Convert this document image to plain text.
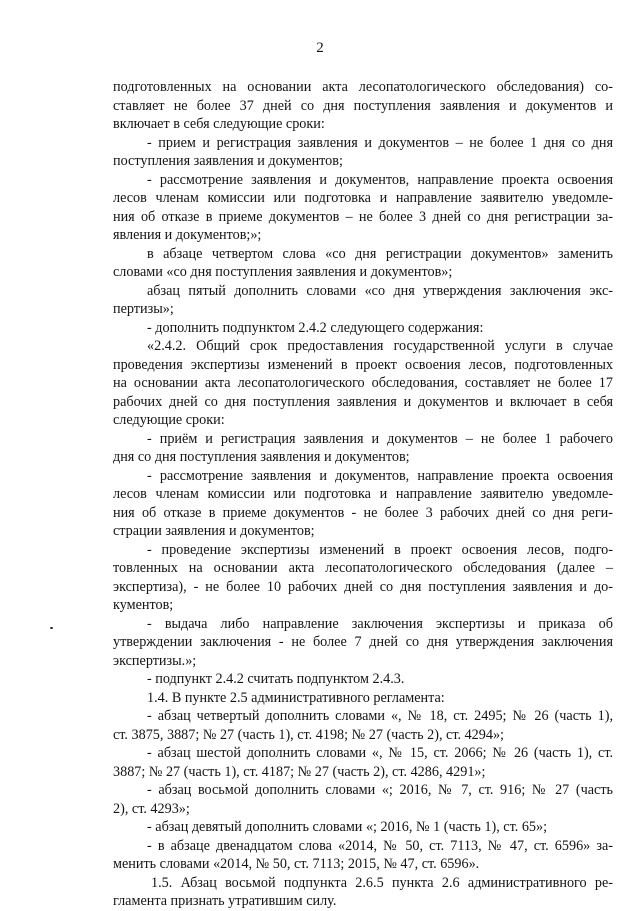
2
подготовленных на основании акта лесопатологического обследования) со-
ставляет не более 37 дней со дня поступления заявления и документов и
включает в себя следующие сроки:
- прием и регистрация заявления и документов – не более 1 дня со дня
поступления заявления и документов;
- рассмотрение заявления и документов, направление проекта освоения
лесов членам комиссии или подготовка и направление заявителю уведомле-
ния об отказе в приеме документов – не более 3 дней со дня регистрации за-
явления и документов;»;
в абзаце четвертом слова «со дня регистрации документов» заменить
словами «со дня поступления заявления и документов»;
абзац пятый дополнить словами «со дня утверждения заключения экс-
пертизы»;
- дополнить подпунктом 2.4.2 следующего содержания:
«2.4.2. Общий срок предоставления государственной услуги в случае
проведения экспертизы изменений в проект освоения лесов, подготовленных
на основании акта лесопатологического обследования, составляет не более 17
рабочих дней со дня поступления заявления и документов и включает в себя
следующие сроки:
- приём и регистрация заявления и документов – не более 1 рабочего
дня со дня поступления заявления и документов;
- рассмотрение заявления и документов, направление проекта освоения
лесов членам комиссии или подготовка и направление заявителю уведомле-
ния об отказе в приеме документов - не более 3 рабочих дней со дня реги-
страции заявления и документов;
- проведение экспертизы изменений в проект освоения лесов, подго-
товленных на основании акта лесопатологического обследования (далее –
экспертиза), - не более 10 рабочих дней со дня поступления заявления и до-
кументов;
- выдача либо направление заключения экспертизы и приказа об
утверждении заключения - не более 7 дней со дня утверждения заключения
экспертизы.»;
- подпункт 2.4.2 считать подпунктом 2.4.3.
1.4. В пункте 2.5 административного регламента:
- абзац четвертый дополнить словами «, № 18, ст. 2495; № 26 (часть 1),
ст. 3875, 3887; № 27 (часть 1), ст. 4198; № 27 (часть 2), ст. 4294»;
- абзац шестой дополнить словами «, № 15, ст. 2066; № 26 (часть 1), ст.
3887; № 27 (часть 1), ст. 4187; № 27 (часть 2), ст. 4286, 4291»;
- абзац восьмой дополнить словами «; 2016, № 7, ст. 916; № 27 (часть
2), ст. 4293»;
- абзац девятый дополнить словами «; 2016, № 1 (часть 1), ст. 65»;
- в абзаце двенадцатом слова «2014, № 50, ст. 7113, № 47, ст. 6596» за-
менить словами «2014, № 50, ст. 7113; 2015, № 47, ст. 6596».
1.5. Абзац восьмой подпункта 2.6.5 пункта 2.6 административного ре-
гламента признать утратившим силу.
